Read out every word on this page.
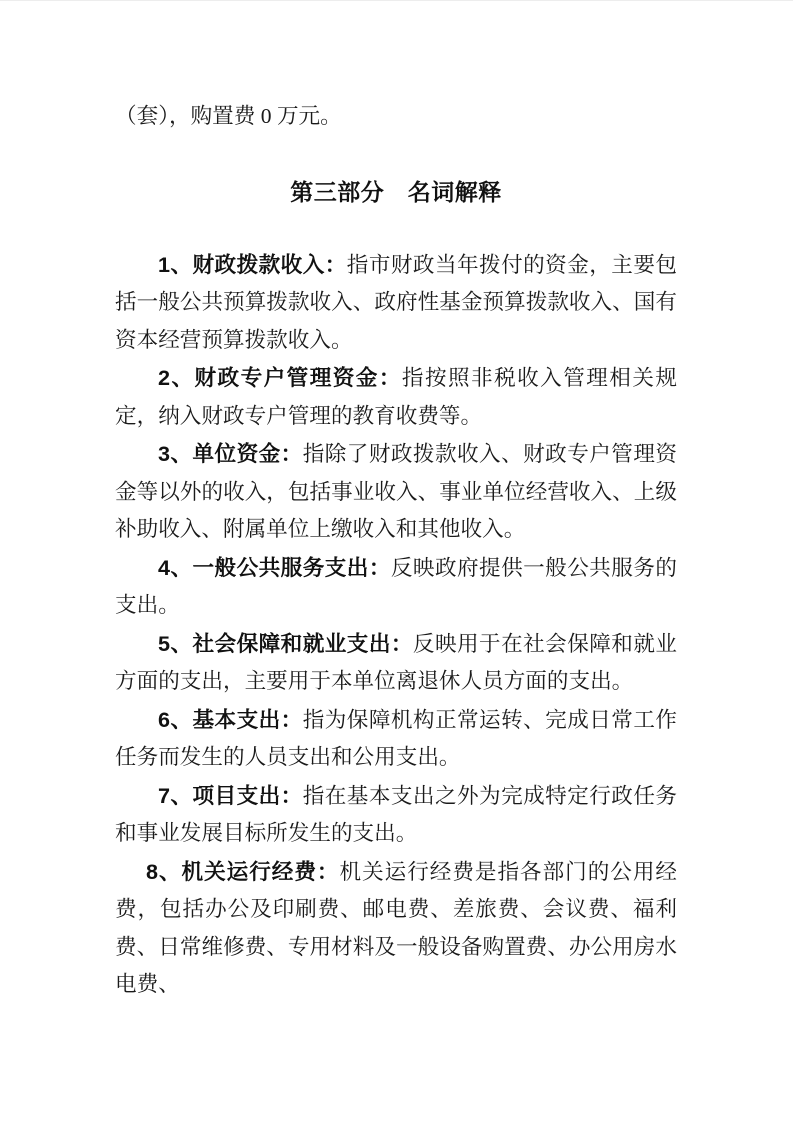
（套），购置费 0 万元。

第三部分　名词解释

1、财政拨款收入：指市财政当年拨付的资金，主要包括一般公共预算拨款收入、政府性基金预算拨款收入、国有资本经营预算拨款收入。

2、财政专户管理资金：指按照非税收入管理相关规定，纳入财政专户管理的教育收费等。

3、单位资金：指除了财政拨款收入、财政专户管理资金等以外的收入，包括事业收入、事业单位经营收入、上级补助收入、附属单位上缴收入和其他收入。

4、一般公共服务支出：反映政府提供一般公共服务的支出。

5、社会保障和就业支出：反映用于在社会保障和就业方面的支出，主要用于本单位离退休人员方面的支出。

6、基本支出：指为保障机构正常运转、完成日常工作任务而发生的人员支出和公用支出。

7、项目支出：指在基本支出之外为完成特定行政任务和事业发展目标所发生的支出。

8、机关运行经费：机关运行经费是指各部门的公用经费，包括办公及印刷费、邮电费、差旅费、会议费、福利费、日常维修费、专用材料及一般设备购置费、办公用房水电费、
